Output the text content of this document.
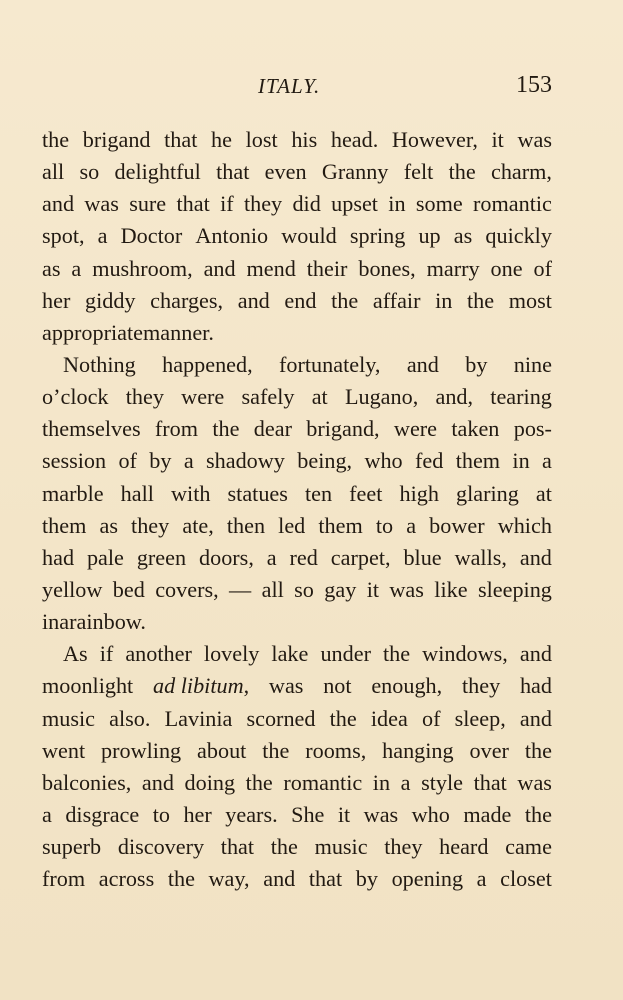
ITALY.	153
the brigand that he lost his head. However, it was
all so delightful that even Granny felt the charm,
and was sure that if they did upset in some romantic
spot, a Doctor Antonio would spring up as quickly
as a mushroom, and mend their bones, marry one of
her giddy charges, and end the affair in the most
appropriate manner.
Nothing happened, fortunately, and by nine
o’clock they were safely at Lugano, and, tearing
themselves from the dear brigand, were taken pos-
session of by a shadowy being, who fed them in a
marble hall with statues ten feet high glaring at
them as they ate, then led them to a bower which
had pale green doors, a red carpet, blue walls, and
yellow bed covers, — all so gay it was like sleeping
in a rainbow.
As if another lovely lake under the windows, and
moonlight ad libitum, was not enough, they had
music also. Lavinia scorned the idea of sleep, and
went prowling about the rooms, hanging over the
balconies, and doing the romantic in a style that was
a disgrace to her years. She it was who made the
superb discovery that the music they heard came
from across the way, and that by opening a closet
